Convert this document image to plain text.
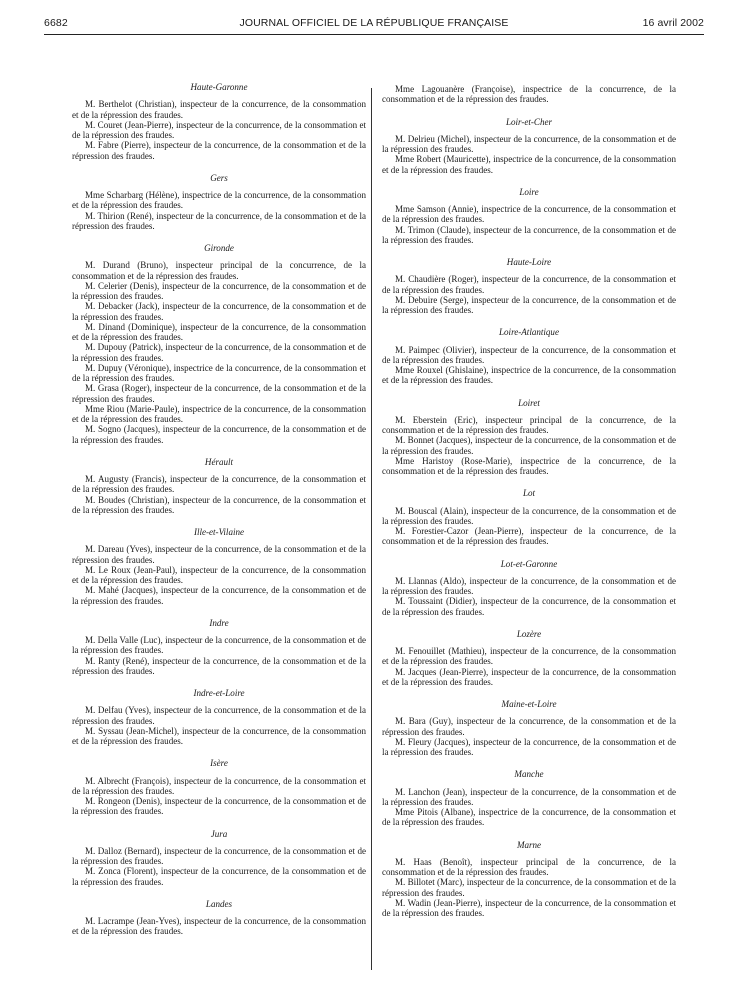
6682	JOURNAL OFFICIEL DE LA RÉPUBLIQUE FRANÇAISE	16 avril 2002
Haute-Garonne

M. Berthelot (Christian), inspecteur de la concurrence, de la consommation et de la répression des fraudes.

M. Couret (Jean-Pierre), inspecteur de la concurrence, de la consommation et de la répression des fraudes.

M. Fabre (Pierre), inspecteur de la concurrence, de la consommation et de la répression des fraudes.

Gers

Mme Scharbarg (Hélène), inspectrice de la concurrence, de la consommation et de la répression des fraudes.

M. Thirion (René), inspecteur de la concurrence, de la consommation et de la répression des fraudes.

Gironde

M. Durand (Bruno), inspecteur principal de la concurrence, de la consommation et de la répression des fraudes.

M. Celerier (Denis), inspecteur de la concurrence, de la consommation et de la répression des fraudes.

M. Debacker (Jack), inspecteur de la concurrence, de la consommation et de la répression des fraudes.

M. Dinand (Dominique), inspecteur de la concurrence, de la consommation et de la répression des fraudes.

M. Dupouy (Patrick), inspecteur de la concurrence, de la consommation et de la répression des fraudes.

M. Dupuy (Véronique), inspectrice de la concurrence, de la consommation et de la répression des fraudes.

M. Grasa (Roger), inspecteur de la concurrence, de la consommation et de la répression des fraudes.

Mme Riou (Marie-Paule), inspectrice de la concurrence, de la consommation et de la répression des fraudes.

M. Sogno (Jacques), inspecteur de la concurrence, de la consommation et de la répression des fraudes.

Hérault

M. Augusty (Francis), inspecteur de la concurrence, de la consommation et de la répression des fraudes.

M. Boudes (Christian), inspecteur de la concurrence, de la consommation et de la répression des fraudes.

Ille-et-Vilaine

M. Dareau (Yves), inspecteur de la concurrence, de la consommation et de la répression des fraudes.

M. Le Roux (Jean-Paul), inspecteur de la concurrence, de la consommation et de la répression des fraudes.

M. Mahé (Jacques), inspecteur de la concurrence, de la consommation et de la répression des fraudes.

Indre

M. Della Valle (Luc), inspecteur de la concurrence, de la consommation et de la répression des fraudes.

M. Ranty (René), inspecteur de la concurrence, de la consommation et de la répression des fraudes.

Indre-et-Loire

M. Delfau (Yves), inspecteur de la concurrence, de la consommation et de la répression des fraudes.

M. Syssau (Jean-Michel), inspecteur de la concurrence, de la consommation et de la répression des fraudes.

Isère

M. Albrecht (François), inspecteur de la concurrence, de la consommation et de la répression des fraudes.

M. Rongeon (Denis), inspecteur de la concurrence, de la consommation et de la répression des fraudes.

Jura

M. Dalloz (Bernard), inspecteur de la concurrence, de la consommation et de la répression des fraudes.

M. Zonca (Florent), inspecteur de la concurrence, de la consommation et de la répression des fraudes.

Landes

M. Lacrampe (Jean-Yves), inspecteur de la concurrence, de la consommation et de la répression des fraudes.

Mme Lagouanère (Françoise), inspectrice de la concurrence, de la consommation et de la répression des fraudes.

Loir-et-Cher

M. Delrieu (Michel), inspecteur de la concurrence, de la consommation et de la répression des fraudes.

Mme Robert (Mauricette), inspectrice de la concurrence, de la consommation et de la répression des fraudes.

Loire

Mme Samson (Annie), inspectrice de la concurrence, de la consommation et de la répression des fraudes.

M. Trimon (Claude), inspecteur de la concurrence, de la consommation et de la répression des fraudes.

Haute-Loire

M. Chaudière (Roger), inspecteur de la concurrence, de la consommation et de la répression des fraudes.

M. Debuire (Serge), inspecteur de la concurrence, de la consommation et de la répression des fraudes.

Loire-Atlantique

M. Paimpec (Olivier), inspecteur de la concurrence, de la consommation et de la répression des fraudes.

Mme Rouxel (Ghislaine), inspectrice de la concurrence, de la consommation et de la répression des fraudes.

Loiret

M. Eberstein (Eric), inspecteur principal de la concurrence, de la consommation et de la répression des fraudes.

M. Bonnet (Jacques), inspecteur de la concurrence, de la consommation et de la répression des fraudes.

Mme Haristoy (Rose-Marie), inspectrice de la concurrence, de la consommation et de la répression des fraudes.

Lot

M. Bouscal (Alain), inspecteur de la concurrence, de la consommation et de la répression des fraudes.

M. Forestier-Cazor (Jean-Pierre), inspecteur de la concurrence, de la consommation et de la répression des fraudes.

Lot-et-Garonne

M. Llannas (Aldo), inspecteur de la concurrence, de la consommation et de la répression des fraudes.

M. Toussaint (Didier), inspecteur de la concurrence, de la consommation et de la répression des fraudes.

Lozère

M. Fenouillet (Mathieu), inspecteur de la concurrence, de la consommation et de la répression des fraudes.

M. Jacques (Jean-Pierre), inspecteur de la concurrence, de la consommation et de la répression des fraudes.

Maine-et-Loire

M. Bara (Guy), inspecteur de la concurrence, de la consommation et de la répression des fraudes.

M. Fleury (Jacques), inspecteur de la concurrence, de la consommation et de la répression des fraudes.

Manche

M. Lanchon (Jean), inspecteur de la concurrence, de la consommation et de la répression des fraudes.

Mme Pitois (Albane), inspectrice de la concurrence, de la consommation et de la répression des fraudes.

Marne

M. Haas (Benoît), inspecteur principal de la concurrence, de la consommation et de la répression des fraudes.

M. Billotet (Marc), inspecteur de la concurrence, de la consommation et de la répression des fraudes.

M. Wadin (Jean-Pierre), inspecteur de la concurrence, de la consommation et de la répression des fraudes.
